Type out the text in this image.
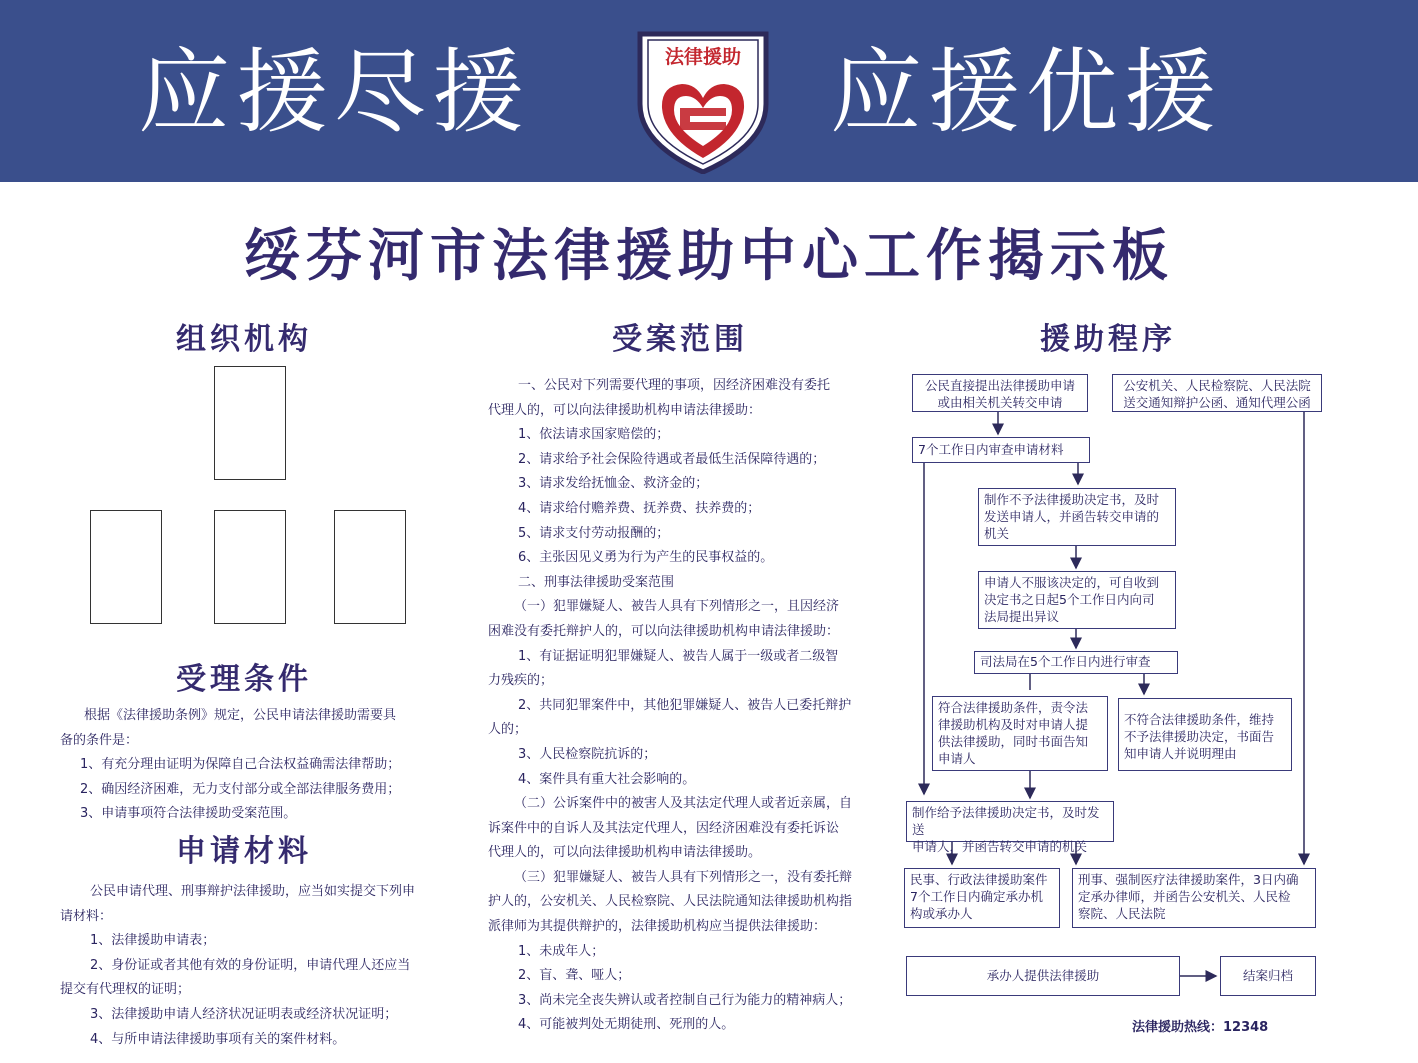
应援尽援	应援优援
法律援助
绥芬河市法律援助中心工作揭示板
组织机构
受理条件
申请材料
受案范围	援助程序

根据《法律援助条例》规定，公民申请法律援助需要具

备的条件是：

1、有充分理由证明为保障自己合法权益确需法律帮助；

2、确因经济困难，无力支付部分或全部法律服务费用；

3、申请事项符合法律援助受案范围。

公民申请代理、刑事辩护法律援助，应当如实提交下列申

请材料：

1、法律援助申请表；

2、身份证或者其他有效的身份证明，申请代理人还应当

提交有代理权的证明；

3、法律援助申请人经济状况证明表或经济状况证明；

4、与所申请法律援助事项有关的案件材料。

一、公民对下列需要代理的事项，因经济困难没有委托

代理人的，可以向法律援助机构申请法律援助：

1、依法请求国家赔偿的；

2、请求给予社会保险待遇或者最低生活保障待遇的；

3、请求发给抚恤金、救济金的；

4、请求给付赡养费、抚养费、扶养费的；

5、请求支付劳动报酬的；

6、主张因见义勇为行为产生的民事权益的。

二、刑事法律援助受案范围

（一）犯罪嫌疑人、被告人具有下列情形之一，且因经济

困难没有委托辩护人的，可以向法律援助机构申请法律援助：

1、有证据证明犯罪嫌疑人、被告人属于一级或者二级智

力残疾的；

2、共同犯罪案件中，其他犯罪嫌疑人、被告人已委托辩护

人的；

3、人民检察院抗诉的；

4、案件具有重大社会影响的。

（二）公诉案件中的被害人及其法定代理人或者近亲属，自

诉案件中的自诉人及其法定代理人，因经济困难没有委托诉讼

代理人的，可以向法律援助机构申请法律援助。

（三）犯罪嫌疑人、被告人具有下列情形之一，没有委托辩

护人的，公安机关、人民检察院、人民法院通知法律援助机构指

派律师为其提供辩护的，法律援助机构应当提供法律援助：

1、未成年人；

2、盲、聋、哑人；

3、尚未完全丧失辨认或者控制自己行为能力的精神病人；

4、可能被判处无期徒刑、死刑的人。

公民直接提出法律援助申请
或由相关机关转交申请
公安机关、人民检察院、人民法院
送交通知辩护公函、通知代理公函
7个工作日内审查申请材料
制作不予法律援助决定书，及时
发送申请人，并函告转交申请的
机关
申请人不服该决定的，可自收到
决定书之日起5个工作日内向司
法局提出异议
司法局在5个工作日内进行审查
符合法律援助条件，责令法
律援助机构及时对申请人提
供法律援助，同时书面告知
申请人
不符合法律援助条件，维持
不予法律援助决定，书面告
知申请人并说明理由
制作给予法律援助决定书，及时发送
申请人，并函告转交申请的机关
民事、行政法律援助案件
7个工作日内确定承办机
构或承办人
刑事、强制医疗法律援助案件，3日内确
定承办律师，并函告公安机关、人民检
察院、人民法院
承办人提供法律援助	结案归档
法律援助热线：12348
